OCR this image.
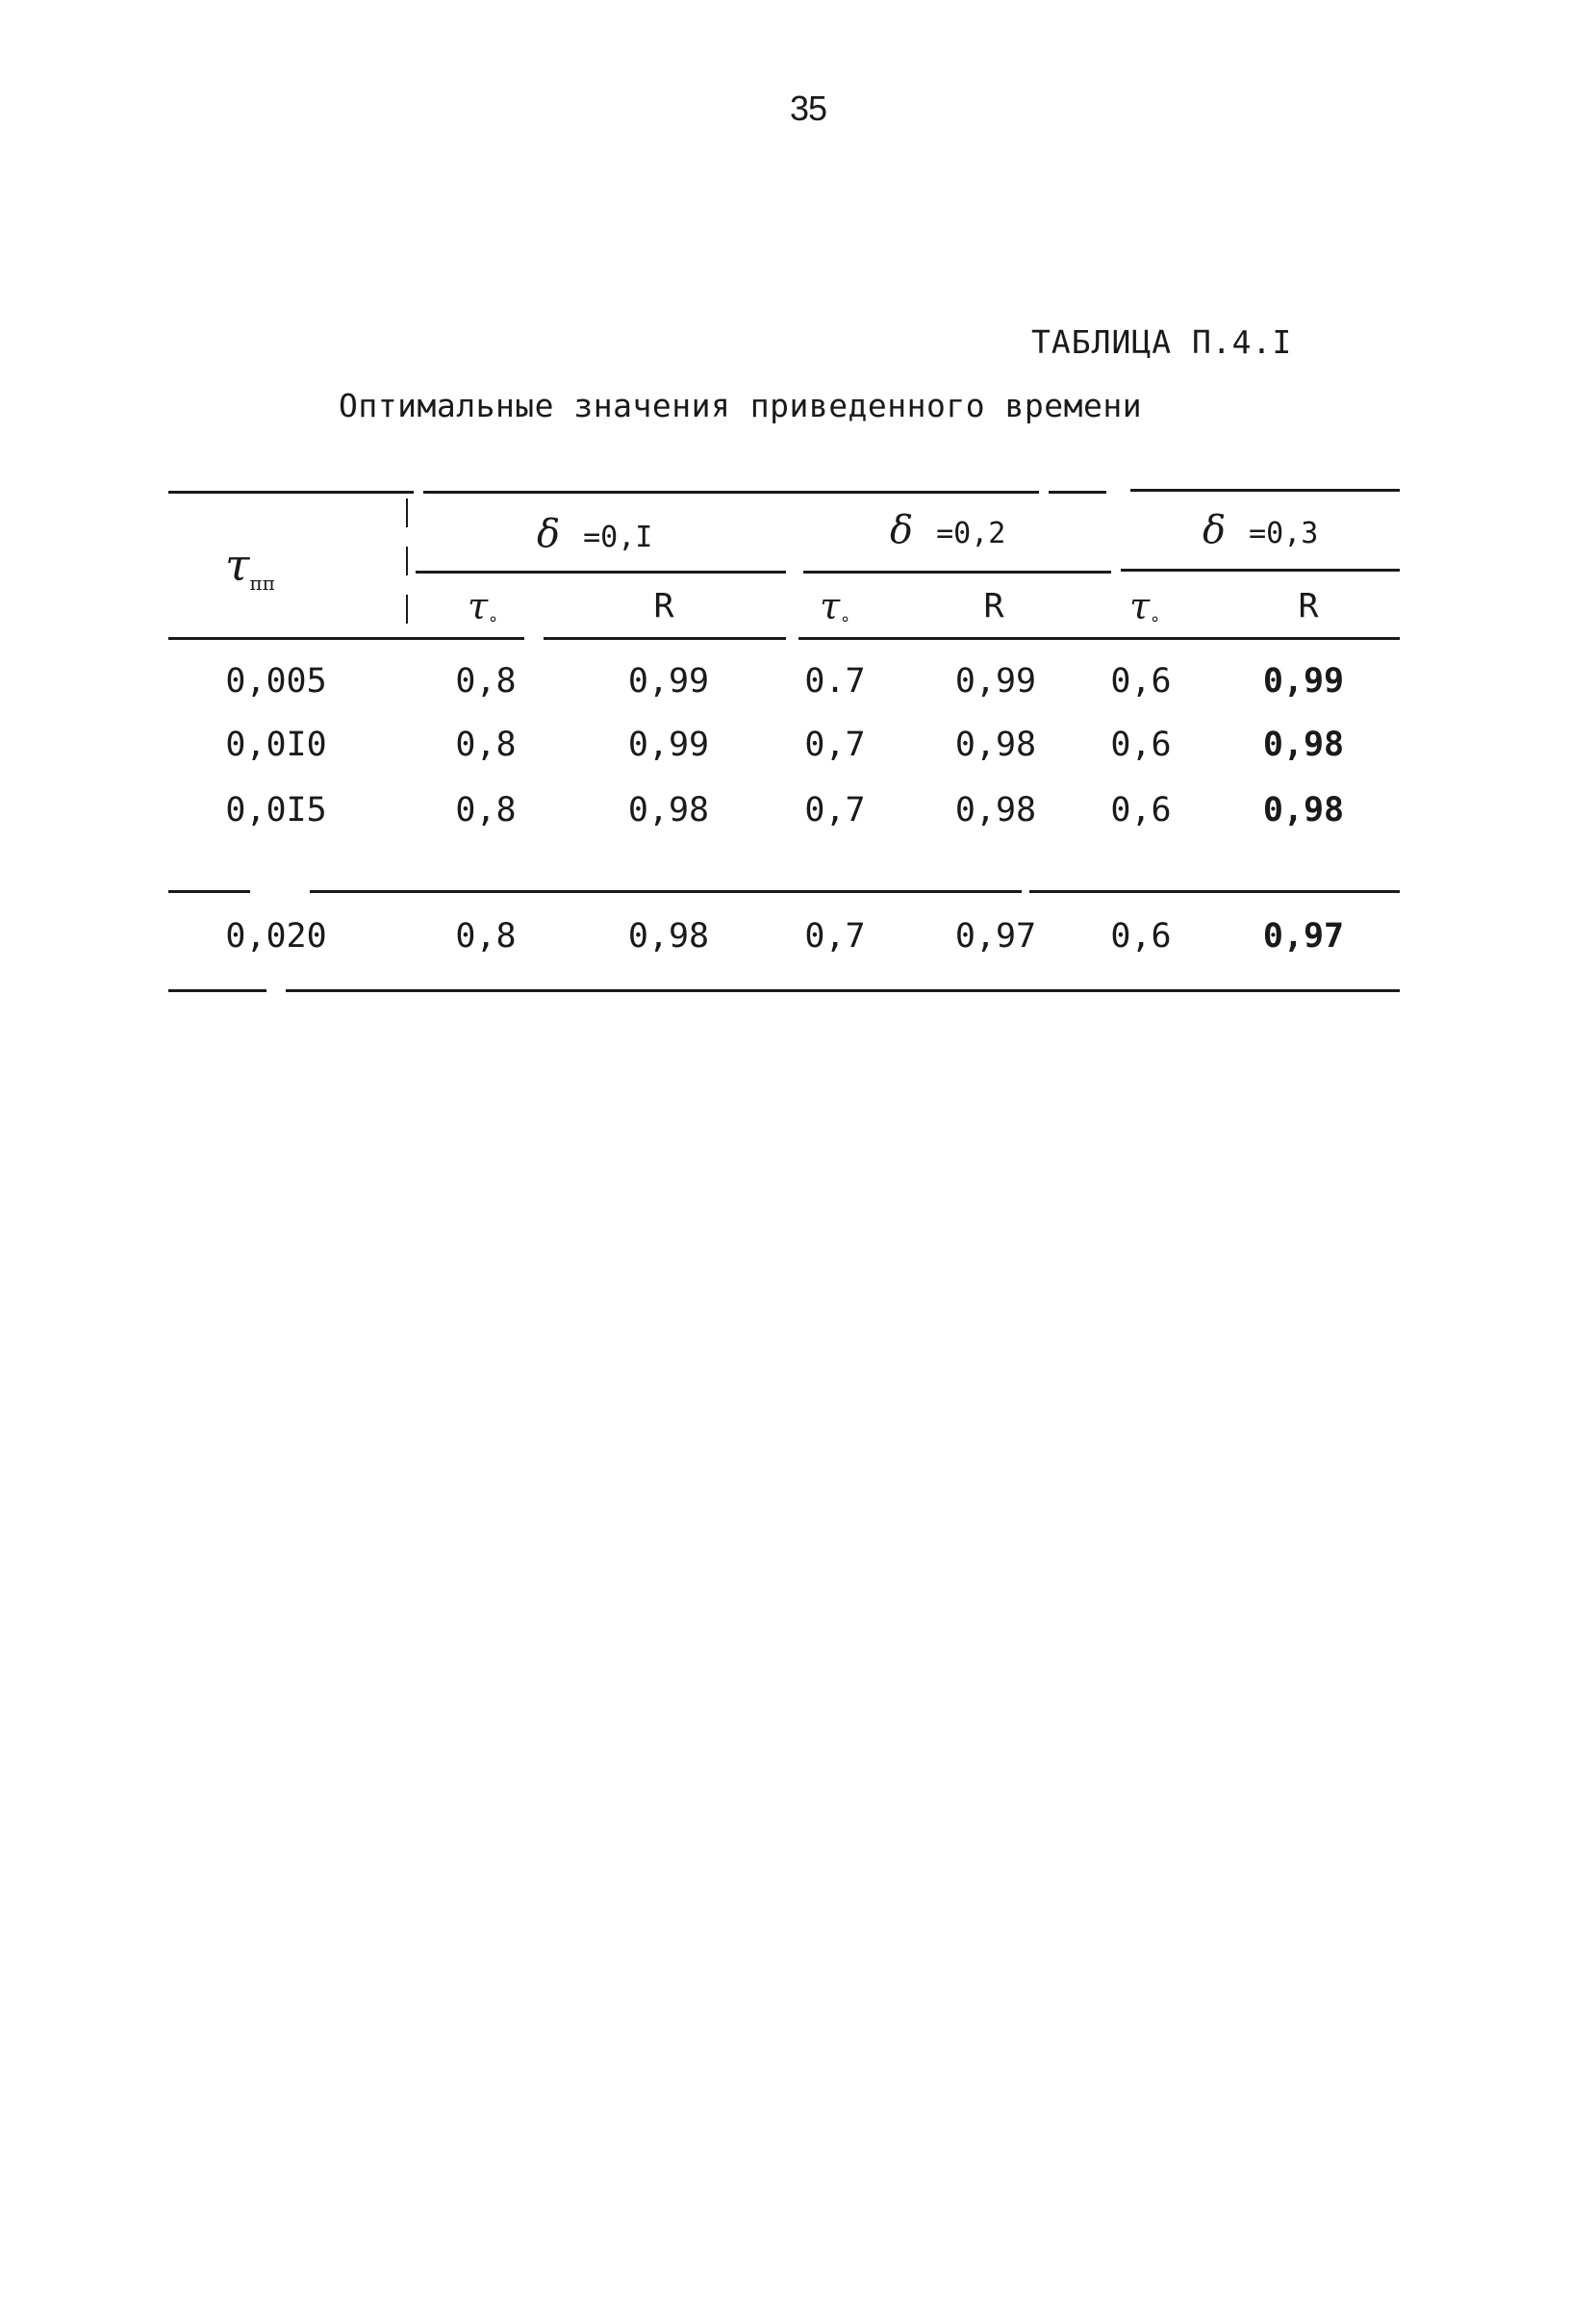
35
ТАБЛИЦА П.4.I
Оптимальные значения приведенного времени
$\tau_{пп}$
δ =0,I	δ =0,2	δ =0,3
$\tau_\circ$	R	$\tau_\circ$	R	$\tau_\circ$	R
0,005	0,8	0,99	0.7	0,99	0,6	0,99
0,0I0	0,8	0,99	0,7	0,98	0,6	0,98
0,0I5	0,8	0,98	0,7	0,98	0,6	0,98
0,020	0,8	0,98	0,7	0,97	0,6	0,97
